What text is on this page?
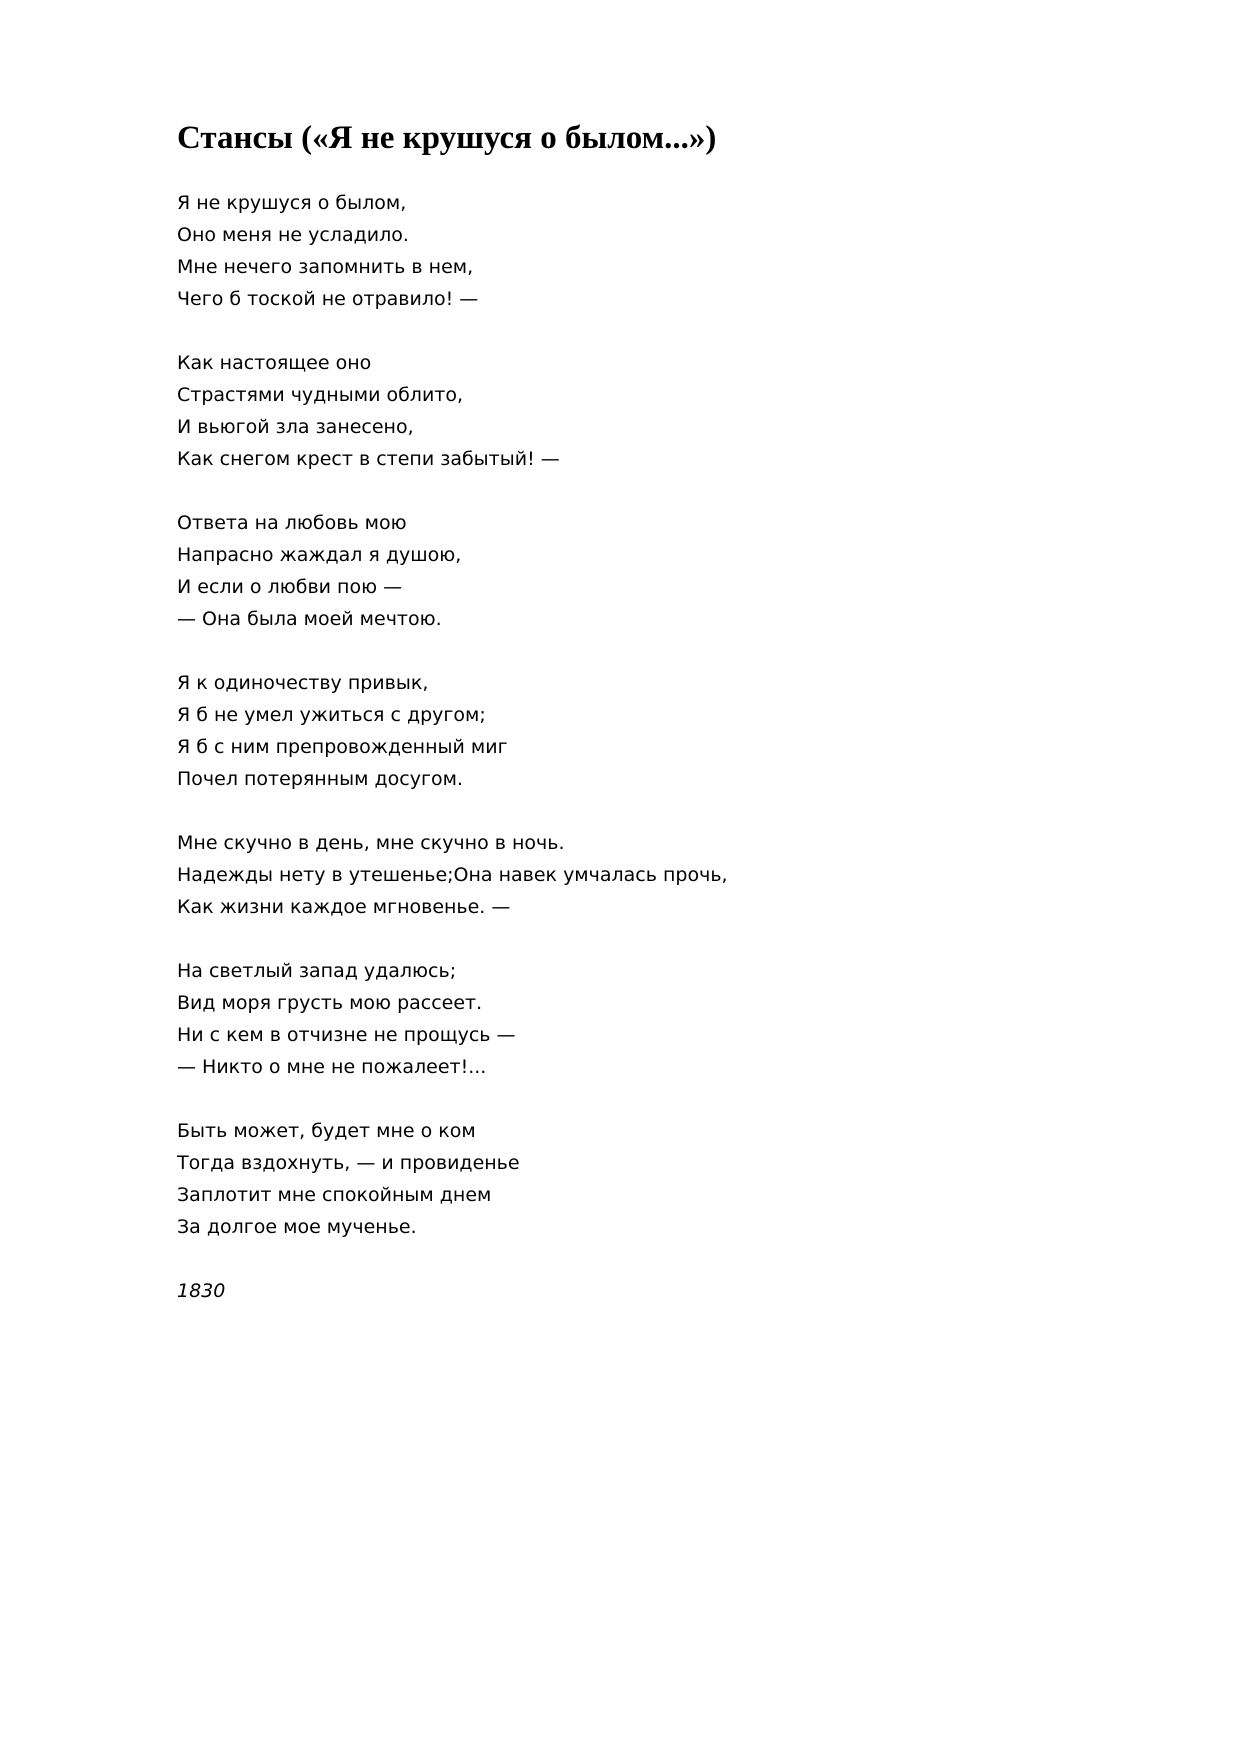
Стансы («Я не крушуся о былом...»)
Я не крушуся о былом,
Оно меня не усладило.
Мне нечего запомнить в нем,
Чего б тоской не отравило! —
Как настоящее оно
Страстями чудными облито,
И вьюгой зла занесено,
Как снегом крест в степи забытый! —
Ответа на любовь мою
Напрасно жаждал я душою,
И если о любви пою —
— Она была моей мечтою.
Я к одиночеству привык,
Я б не умел ужиться с другом;
Я б с ним препровожденный миг
Почел потерянным досугом.
Мне скучно в день, мне скучно в ночь.
Надежды нету в утешенье;Она навек умчалась прочь,
Как жизни каждое мгновенье. —
На светлый запад удалюсь;
Вид моря грусть мою рассеет.
Ни с кем в отчизне не прощусь —
— Никто о мне не пожалеет!...
Быть может, будет мне о ком
Тогда вздохнуть, — и провиденье
Заплотит мне спокойным днем
За долгое мое мученье.

1830
